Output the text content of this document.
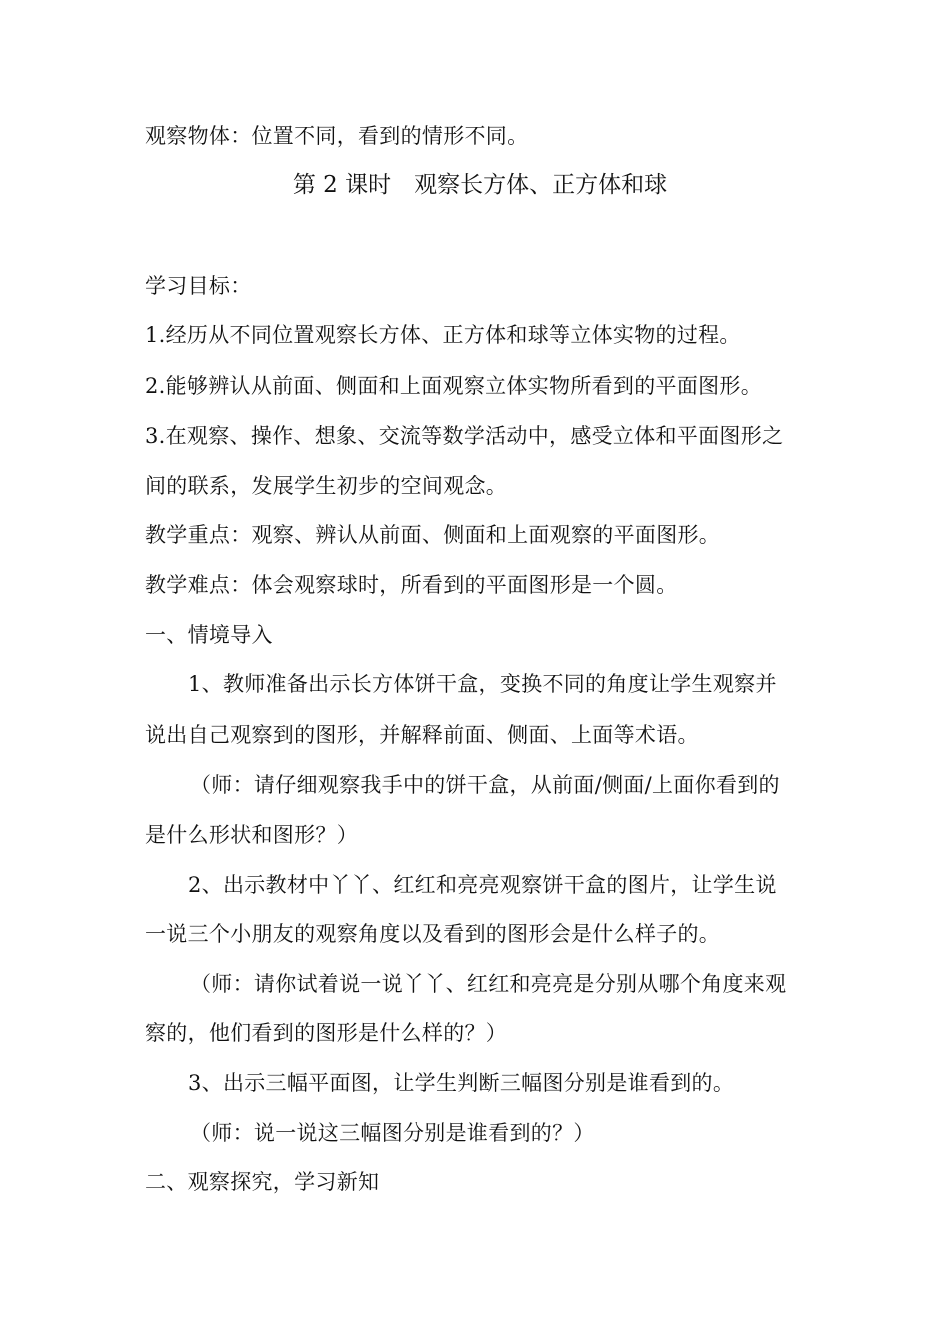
观察物体：位置不同，看到的情形不同。
第 2 课时　观察长方体、正方体和球
学习目标：
1.经历从不同位置观察长方体、正方体和球等立体实物的过程。
2.能够辨认从前面、侧面和上面观察立体实物所看到的平面图形。
3.在观察、操作、想象、交流等数学活动中，感受立体和平面图形之
间的联系，发展学生初步的空间观念。
教学重点：观察、辨认从前面、侧面和上面观察的平面图形。
教学难点：体会观察球时，所看到的平面图形是一个圆。
一、情境导入
1、教师准备出示长方体饼干盒，变换不同的角度让学生观察并
说出自己观察到的图形，并解释前面、侧面、上面等术语。
（师：请仔细观察我手中的饼干盒，从前面/侧面/上面你看到的
是什么形状和图形？）
2、出示教材中丫丫、红红和亮亮观察饼干盒的图片，让学生说
一说三个小朋友的观察角度以及看到的图形会是什么样子的。
（师：请你试着说一说丫丫、红红和亮亮是分别从哪个角度来观
察的，他们看到的图形是什么样的？）
3、出示三幅平面图，让学生判断三幅图分别是谁看到的。
（师：说一说这三幅图分别是谁看到的？）
二、观察探究，学习新知
